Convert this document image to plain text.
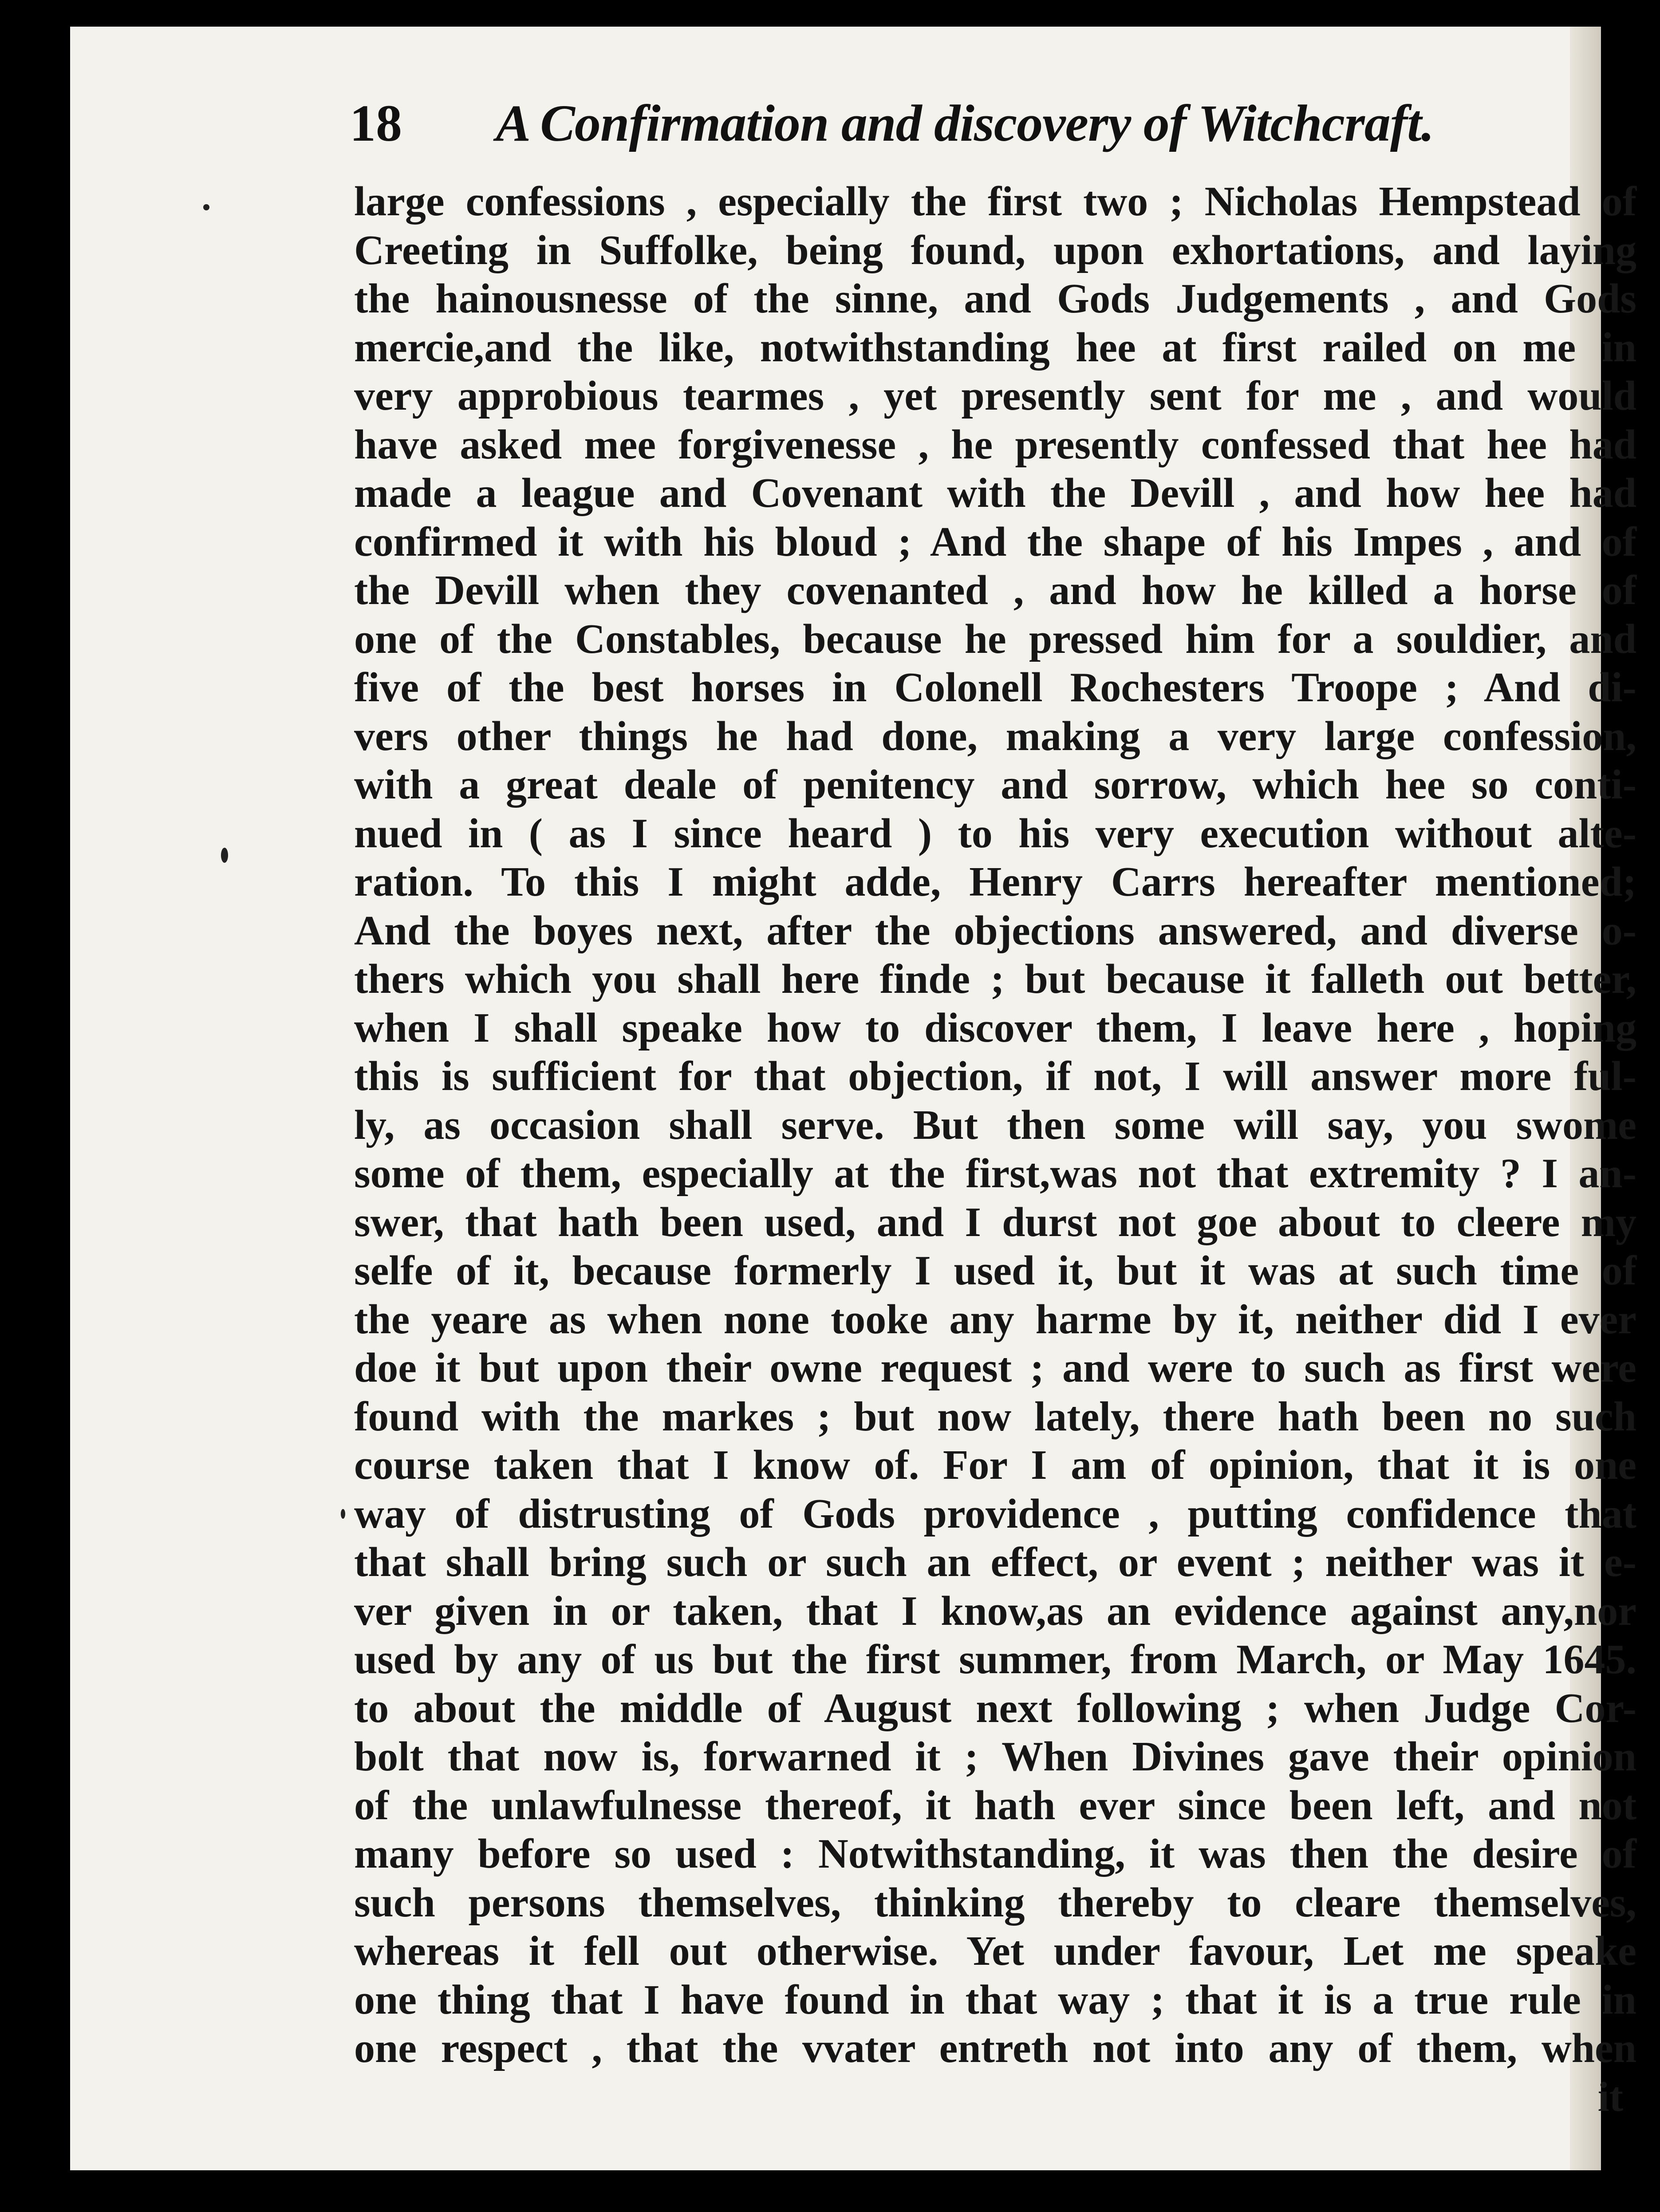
18 A Confirmation and discovery of Witchcraft.
large confessions , especially the first two ; Nicholas Hempstead of
Creeting in Suffolke, being found, upon exhortations, and laying
the hainousnesse of the sinne, and Gods Judgements , and Gods
mercie,and the like, notwithstanding hee at first railed on me in
very approbious tearmes , yet presently sent for me , and would
have asked mee forgivenesse , he presently confessed that hee had
made a league and Covenant with the Devill , and how hee had
confirmed it with his bloud ; And the shape of his Impes , and of
the Devill when they covenanted , and how he killed a horse of
one of the Constables, because he pressed him for a souldier, and
five of the best horses in Colonell Rochesters Troope ; And di-
vers other things he had done, making a very large confession,
with a great deale of penitency and sorrow, which hee so conti-
nued in ( as I since heard ) to his very execution without alte-
ration. To this I might adde, Henry Carrs hereafter mentioned;
And the boyes next, after the objections answered, and diverse o-
thers which you shall here finde ; but because it falleth out better,
when I shall speake how to discover them, I leave here , hoping
this is sufficient for that objection, if not, I will answer more ful-
ly, as occasion shall serve. But then some will say, you swome
some of them, especially at the first,was not that extremity ? I an-
swer, that hath been used, and I durst not goe about to cleere my
selfe of it, because formerly I used it, but it was at such time of
the yeare as when none tooke any harme by it, neither did I ever
doe it but upon their owne request ; and were to such as first were
found with the markes ; but now lately, there hath been no such
course taken that I know of. For I am of opinion, that it is one
way of distrusting of Gods providence , putting confidence that
that shall bring such or such an effect, or event ; neither was it e-
ver given in or taken, that I know,as an evidence against any,nor
used by any of us but the first summer, from March, or May 1645.
to about the middle of August next following ; when Judge Cor-
bolt that now is, forwarned it ; When Divines gave their opinion
of the unlawfulnesse thereof, it hath ever since been left, and not
many before so used : Notwithstanding, it was then the desire of
such persons themselves, thinking thereby to cleare themselves,
whereas it fell out otherwise. Yet under favour, Let me speake
one thing that I have found in that way ; that it is a true rule in
one respect , that the vvater entreth not into any of them, when
it
